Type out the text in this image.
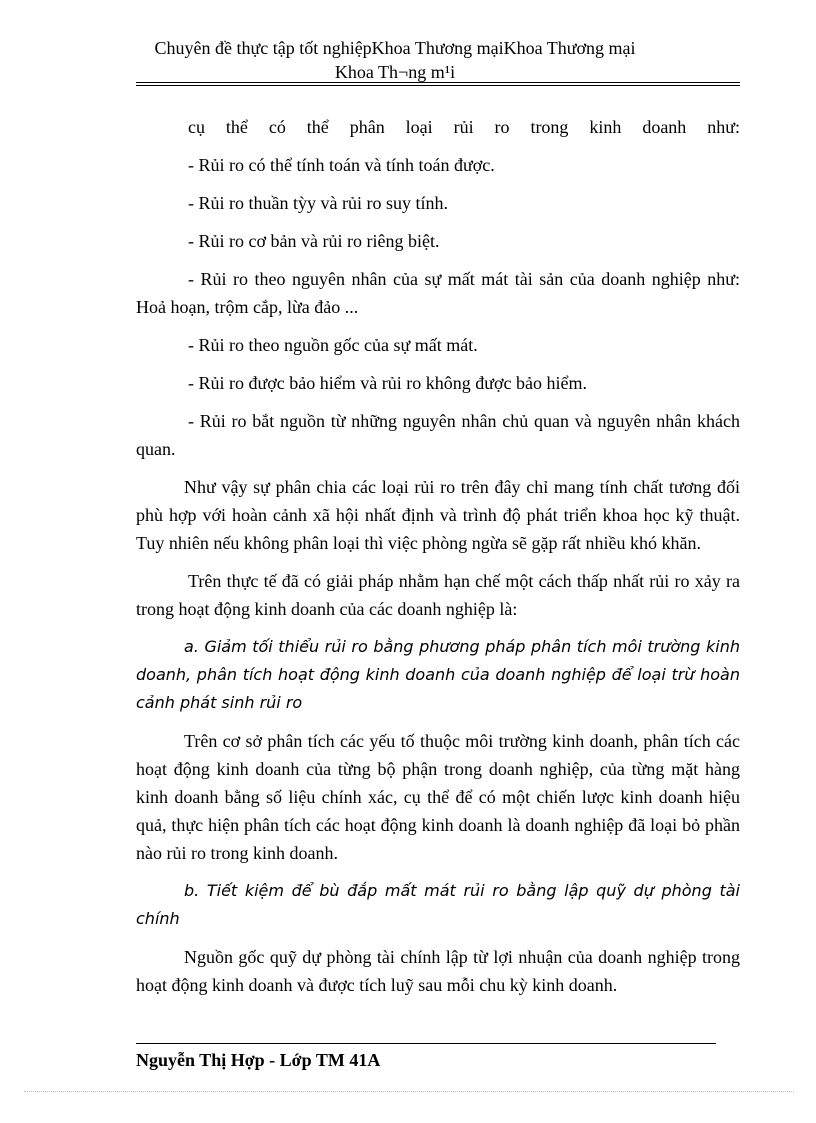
Chuyên đề thực tập tốt nghiệpKhoa Thương mạiKhoa Thương mại
Khoa Th¬ng m¹i

cụ thể có thể phân loại rủi ro trong kinh doanh như:

- Rủi ro có thể tính toán và tính toán được.

- Rủi ro thuần tỳy và rủi ro suy tính.

- Rủi ro cơ bản và rủi ro riêng biệt.

- Rủi ro theo nguyên nhân của sự mất mát tài sản của doanh nghiệp như: Hoả hoạn, trộm cắp, lừa đảo ...

- Rủi ro theo nguồn gốc của sự mất mát.

- Rủi ro được bảo hiểm và rủi ro không được bảo hiểm.

- Rủi ro bắt nguồn từ những nguyên nhân chủ quan và nguyên nhân khách quan.

Như vậy sự phân chia các loại rủi ro trên đây chỉ mang tính chất tương đối phù hợp với hoàn cảnh xã hội nhất định và trình độ phát triển khoa học kỹ thuật. Tuy nhiên nếu không phân loại thì việc phòng ngừa sẽ gặp rất nhiều khó khăn.

Trên thực tế đã có giải pháp nhằm hạn chế một cách thấp nhất rủi ro xảy ra trong hoạt động kinh doanh của các doanh nghiệp là:

a. Giảm tối thiểu rủi ro bằng phương pháp phân tích môi trường kinh doanh, phân tích hoạt động kinh doanh của doanh nghiệp để loại trừ hoàn cảnh phát sinh rủi ro

Trên cơ sở phân tích các yếu tố thuộc môi trường kinh doanh, phân tích các hoạt động kinh doanh của từng bộ phận trong doanh nghiệp, của từng mặt hàng kinh doanh bằng số liệu chính xác, cụ thể để có một chiến lược kinh doanh hiệu quả, thực hiện phân tích các hoạt động kinh doanh là doanh nghiệp đã loại bỏ phần nào rủi ro trong kinh doanh.

b. Tiết kiệm để bù đắp mất mát rủi ro bằng lập quỹ dự phòng tài chính

Nguồn gốc quỹ dự phòng tài chính lập từ lợi nhuận của doanh nghiệp trong hoạt động kinh doanh và được tích luỹ sau mỗi chu kỳ kinh doanh.

Nguyễn Thị Hợp - Lớp TM 41A
